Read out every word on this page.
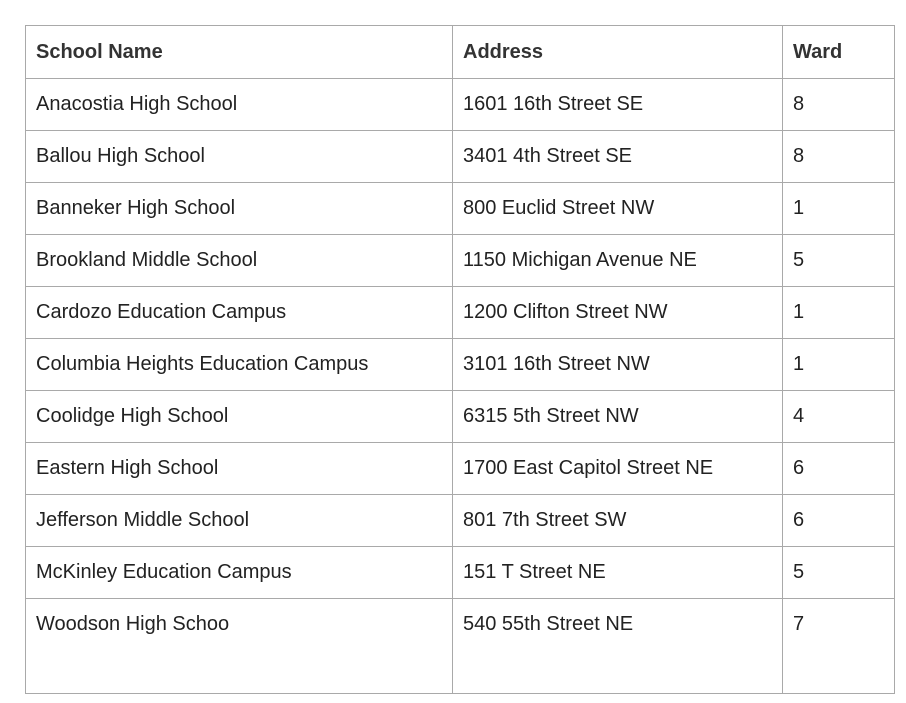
School Name	Address	Ward
Anacostia High School	1601 16th Street SE	8
Ballou High School	3401 4th Street SE	8
Banneker High School	800 Euclid Street NW	1
Brookland Middle School	1150 Michigan Avenue NE	5
Cardozo Education Campus	1200 Clifton Street NW	1
Columbia Heights Education Campus	3101 16th Street NW	1
Coolidge High School	6315 5th Street NW	4
Eastern High School	1700 East Capitol Street NE	6
Jefferson Middle School	801 7th Street SW	6
McKinley Education Campus	151 T Street NE	5
Woodson High Schoo	540 55th Street NE	7
